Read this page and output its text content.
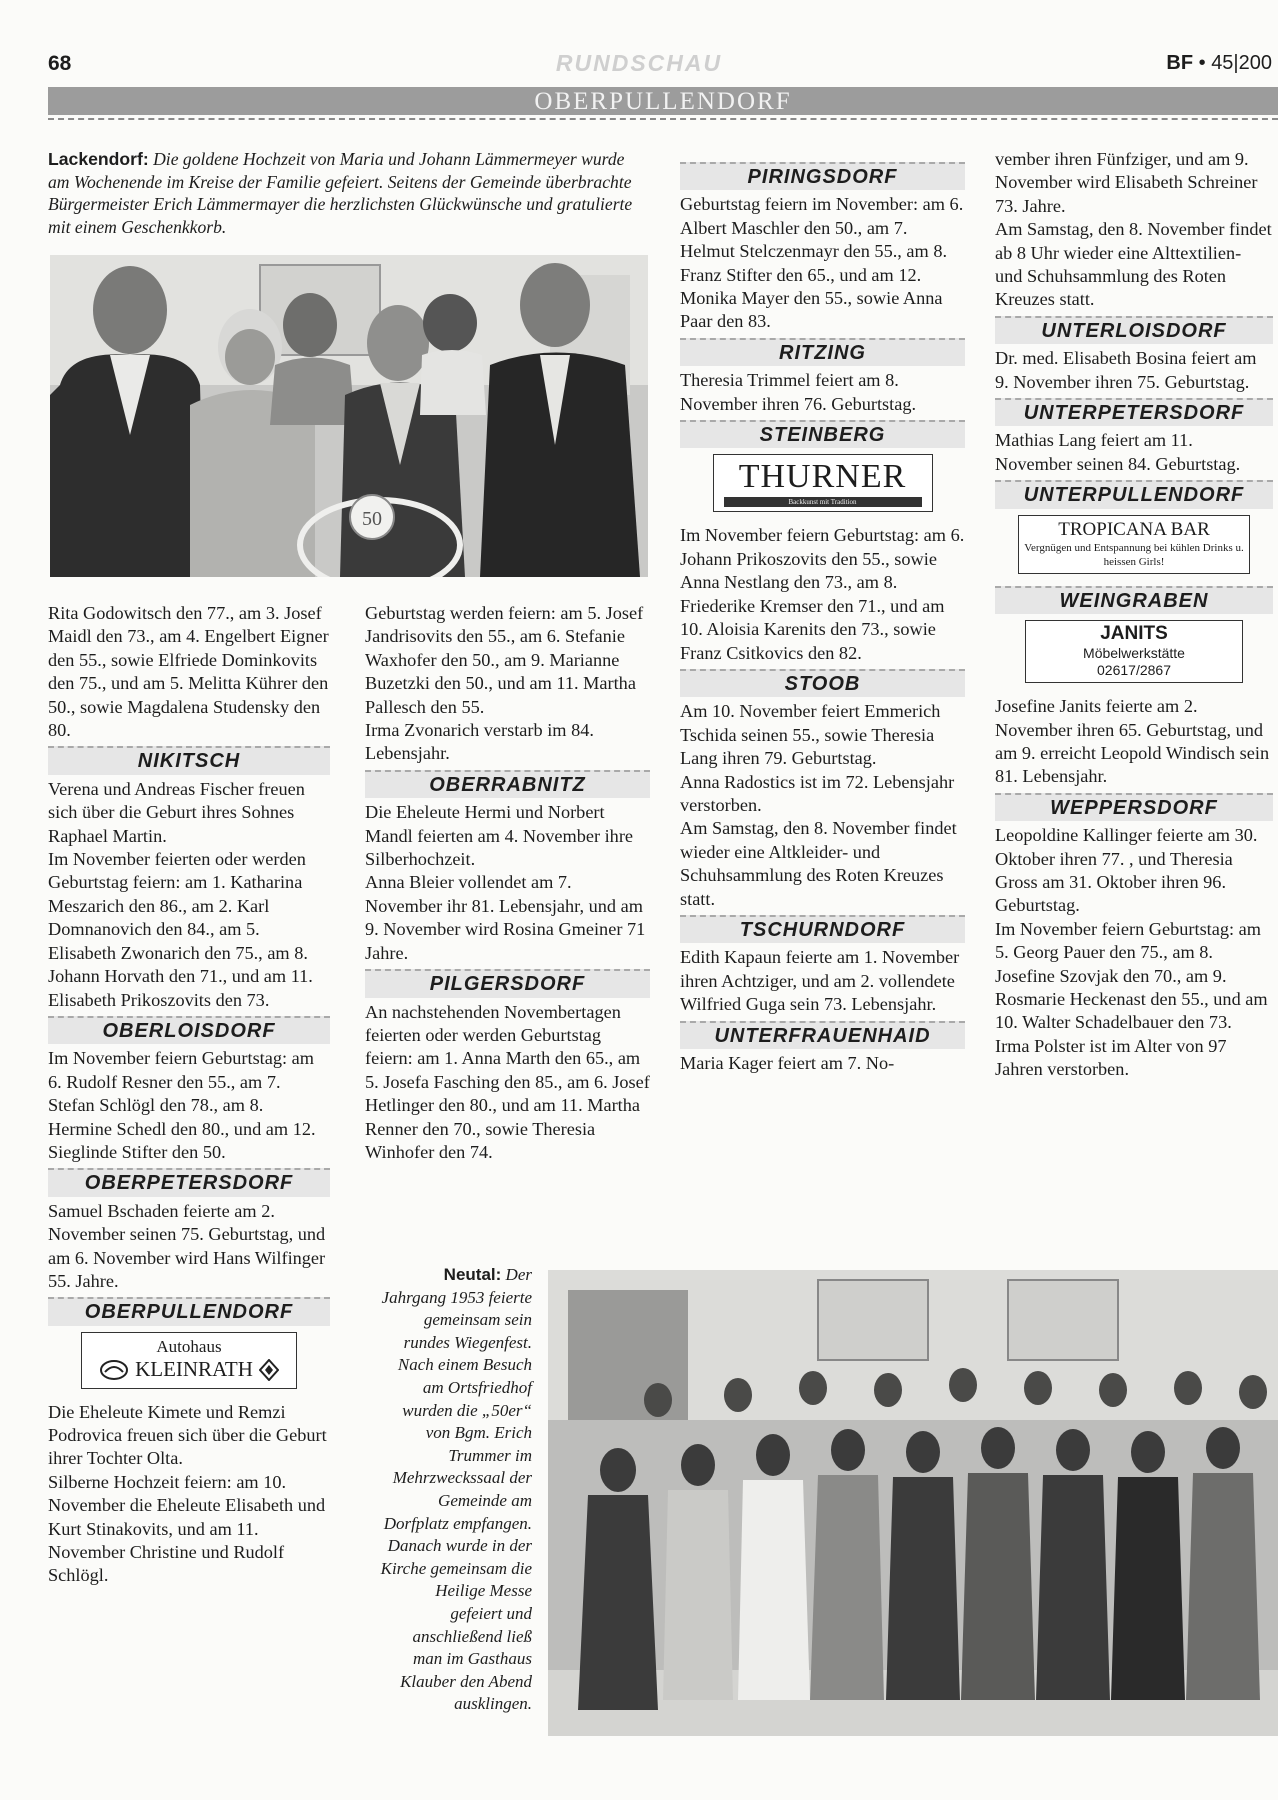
68	RUNDSCHAU	BF • 45|200
OBERPULLENDORF

Lackendorf: Die goldene Hochzeit von Maria und Johann Lämmermeyer wurde am Wochenende im Kreise der Familie gefeiert. Seitens der Gemeinde überbrachte Bürgermeister Erich Lämmermayer die herzlichsten Glückwünsche und gratulierte mit einem Geschenkkorb.

50

Rita Godowitsch den 77., am 3. Josef Maidl den 73., am 4. Engelbert Eigner den 55., sowie Elfriede Dominkovits den 75., und am 5. Melitta Kührer den 50., sowie Magdalena Studensky den 80.

NIKITSCH

Verena und Andreas Fischer freuen sich über die Geburt ihres Sohnes Raphael Martin.

Im November feierten oder werden Geburtstag feiern: am 1. Katharina Meszarich den 86., am 2. Karl Domnanovich den 84., am 5. Elisabeth Zwonarich den 75., am 8. Johann Horvath den 71., und am 11. Elisabeth Prikoszovits den 73.

OBERLOISDORF

Im November feiern Geburtstag: am 6. Rudolf Resner den 55., am 7. Stefan Schlögl den 78., am 8. Hermine Schedl den 80., und am 12. Sieglinde Stifter den 50.

OBERPETERSDORF

Samuel Bschaden feierte am 2. November seinen 75. Geburtstag, und am 6. November wird Hans Wilfinger 55. Jahre.

OBERPULLENDORF
Autohaus
KLEINRATH

Die Eheleute Kimete und Remzi Podrovica freuen sich über die Geburt ihrer Tochter Olta.

Silberne Hochzeit feiern: am 10. November die Eheleute Elisabeth und Kurt Stinakovits, und am 11. November Christine und Rudolf Schlögl.

Geburtstag werden feiern: am 5. Josef Jandrisovits den 55., am 6. Stefanie Waxhofer den 50., am 9. Marianne Buzetzki den 50., und am 11. Martha Pallesch den 55.

Irma Zvonarich verstarb im 84. Lebensjahr.

OBERRABNITZ

Die Eheleute Hermi und Norbert Mandl feierten am 4. November ihre Silberhochzeit.

Anna Bleier vollendet am 7. November ihr 81. Lebensjahr, und am 9. November wird Rosina Gmeiner 71 Jahre.

PILGERSDORF

An nachstehenden Novembertagen feierten oder werden Geburtstag feiern: am 1. Anna Marth den 65., am 5. Josefa Fasching den 85., am 6. Josef Hetlinger den 80., und am 11. Martha Renner den 70., sowie Theresia Winhofer den 74.

PIRINGSDORF

Geburtstag feiern im November: am 6. Albert Maschler den 50., am 7. Helmut Stelczenmayr den 55., am 8. Franz Stifter den 65., und am 12. Monika Mayer den 55., sowie Anna Paar den 83.

RITZING

Theresia Trimmel feiert am 8. November ihren 76. Geburtstag.

STEINBERG
THURNER
Backkunst mit Tradition

Im November feiern Geburtstag: am 6. Johann Prikoszovits den 55., sowie Anna Nestlang den 73., am 8. Friederike Kremser den 71., und am 10. Aloisia Karenits den 73., sowie Franz Csitkovics den 82.

STOOB

Am 10. November feiert Emmerich Tschida seinen 55., sowie Theresia Lang ihren 79. Geburtstag.

Anna Radostics ist im 72. Lebensjahr verstorben.

Am Samstag, den 8. November findet wieder eine Altkleider- und Schuhsammlung des Roten Kreuzes statt.

TSCHURNDORF

Edith Kapaun feierte am 1. November ihren Achtziger, und am 2. vollendete Wilfried Guga sein 73. Lebensjahr.

UNTERFRAUENHAID

Maria Kager feiert am 7. No-

vember ihren Fünfziger, und am 9. November wird Elisabeth Schreiner 73. Jahre.

Am Samstag, den 8. November findet ab 8 Uhr wieder eine Alttextilien- und Schuhsammlung des Roten Kreuzes statt.

UNTERLOISDORF

Dr. med. Elisabeth Bosina feiert am 9. November ihren 75. Geburtstag.

UNTERPETERSDORF

Mathias Lang feiert am 11. November seinen 84. Geburtstag.

UNTERPULLENDORF
TROPICANA BAR
Vergnügen und Entspannung bei kühlen Drinks u. heissen Girls!
WEINGRABEN
JANITS
Möbelwerkstätte
02617/2867

Josefine Janits feierte am 2. November ihren 65. Geburtstag, und am 9. erreicht Leopold Windisch sein 81. Lebensjahr.

WEPPERSDORF

Leopoldine Kallinger feierte am 30. Oktober ihren 77. , und Theresia Gross am 31. Oktober ihren 96. Geburtstag.

Im November feiern Geburtstag: am 5. Georg Pauer den 75., am 8. Josefine Szovjak den 70., am 9. Rosmarie Heckenast den 55., und am 10. Walter Schadelbauer den 73.

Irma Polster ist im Alter von 97 Jahren verstorben.

Neutal: Der Jahrgang 1953 feierte gemeinsam sein rundes Wiegenfest. Nach einem Besuch am Ortsfriedhof wurden die „50er“ von Bgm. Erich Trummer im Mehrzweckssaal der Gemeinde am Dorfplatz empfangen. Danach wurde in der Kirche gemeinsam die Heilige Messe gefeiert und anschließend ließ man im Gasthaus Klauber den Abend ausklingen.
